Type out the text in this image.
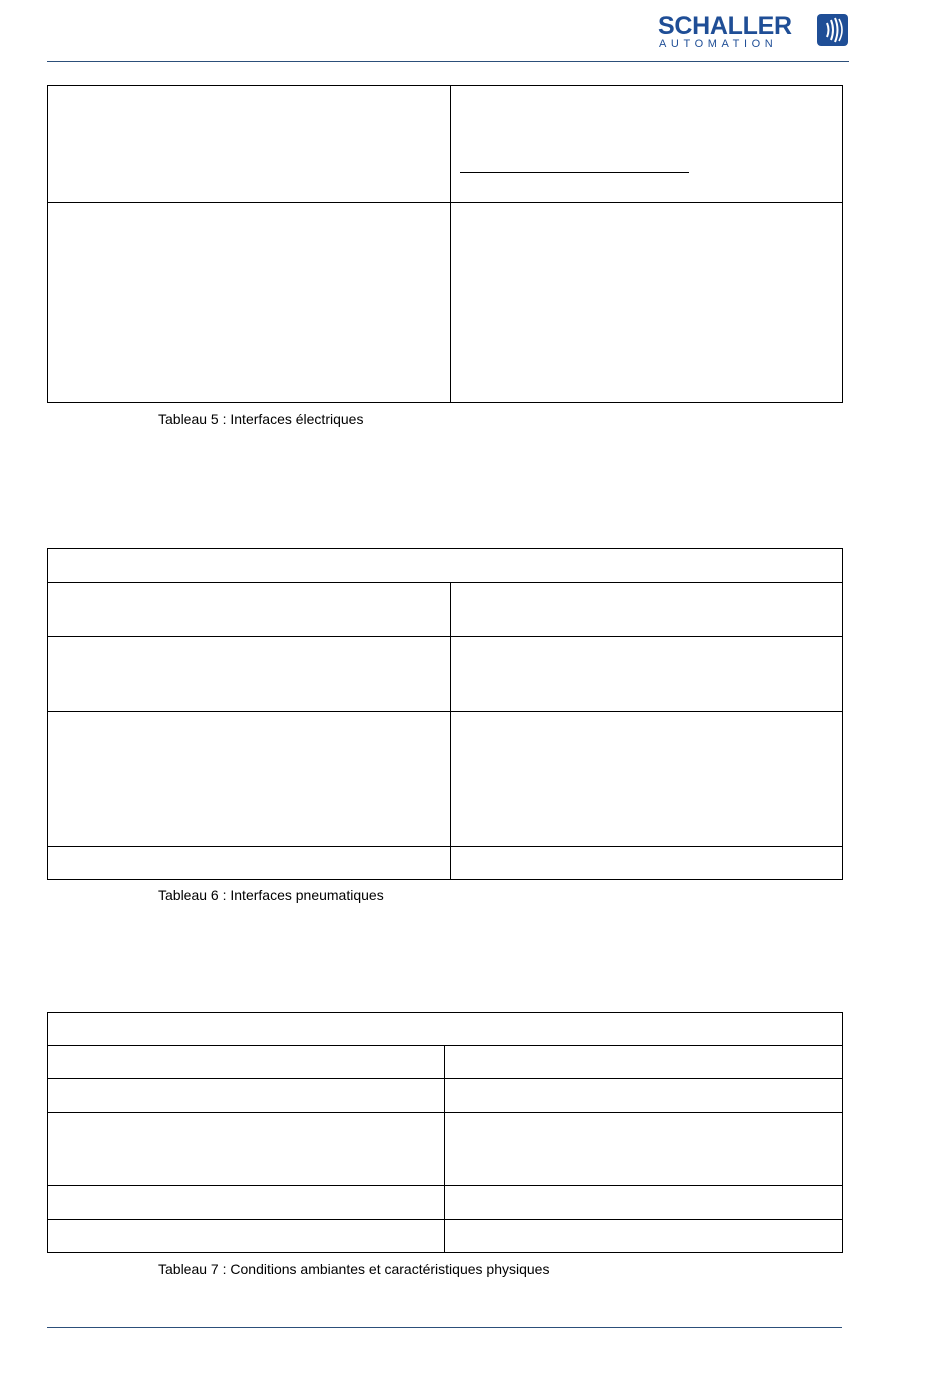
SCHALLER
AUTOMATION

Tableau 5 : Interfaces électriques

Tableau 6 : Interfaces pneumatiques

Tableau 7 : Conditions ambiantes et caractéristiques physiques
